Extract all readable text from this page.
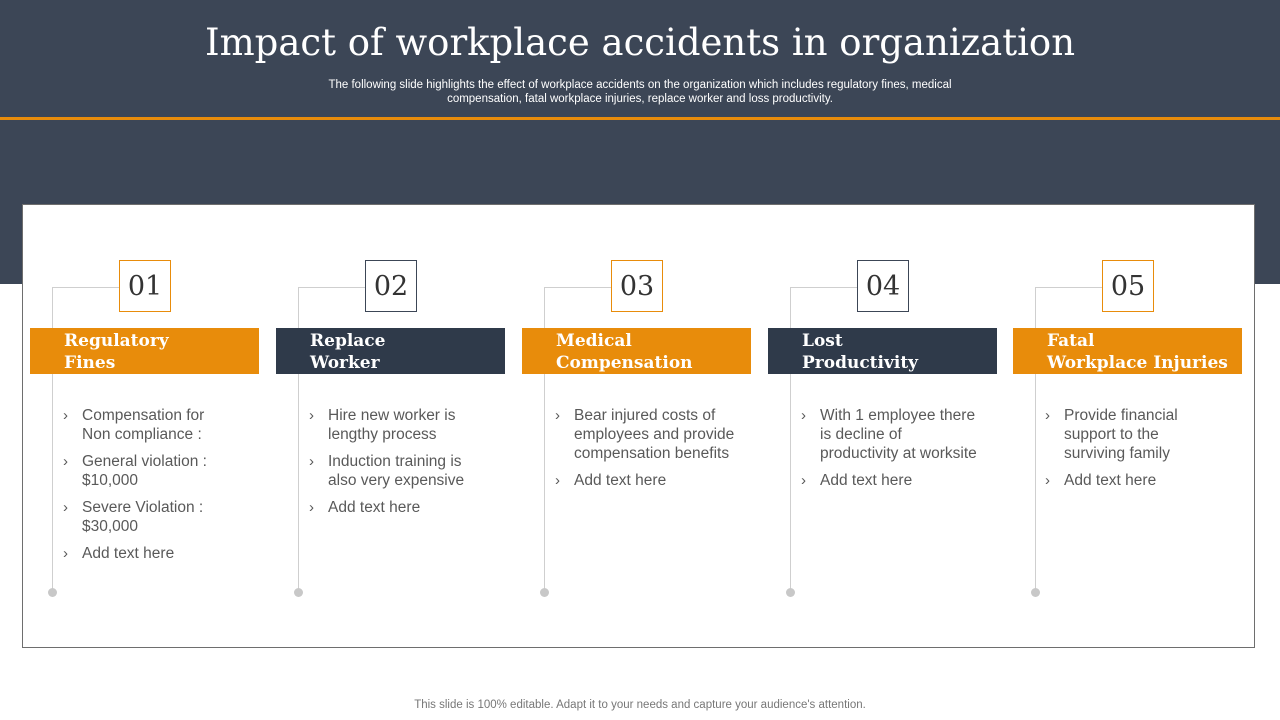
Impact of workplace accidents in organization

The following slide highlights the effect of workplace accidents on the organization which includes regulatory fines, medical compensation, fatal workplace injuries, replace worker and loss productivity.

01
Regulatory
Fines
› Compensation for
Non compliance :
› General violation :
$10,000
› Severe Violation : $30,000
› Add text here
02
Replace
Worker
› Hire new worker is
lengthy process
› Induction training is
also very expensive
› Add text here
03
Medical
Compensation
› Bear injured costs of
employees and provide
compensation benefits
› Add text here
04
Lost
Productivity
› With 1 employee there
is decline of
productivity at worksite
› Add text here
05
Fatal
Workplace Injuries
› Provide financial
support to the
surviving family
› Add text here
This slide is 100% editable. Adapt it to your needs and capture your audience's attention.
